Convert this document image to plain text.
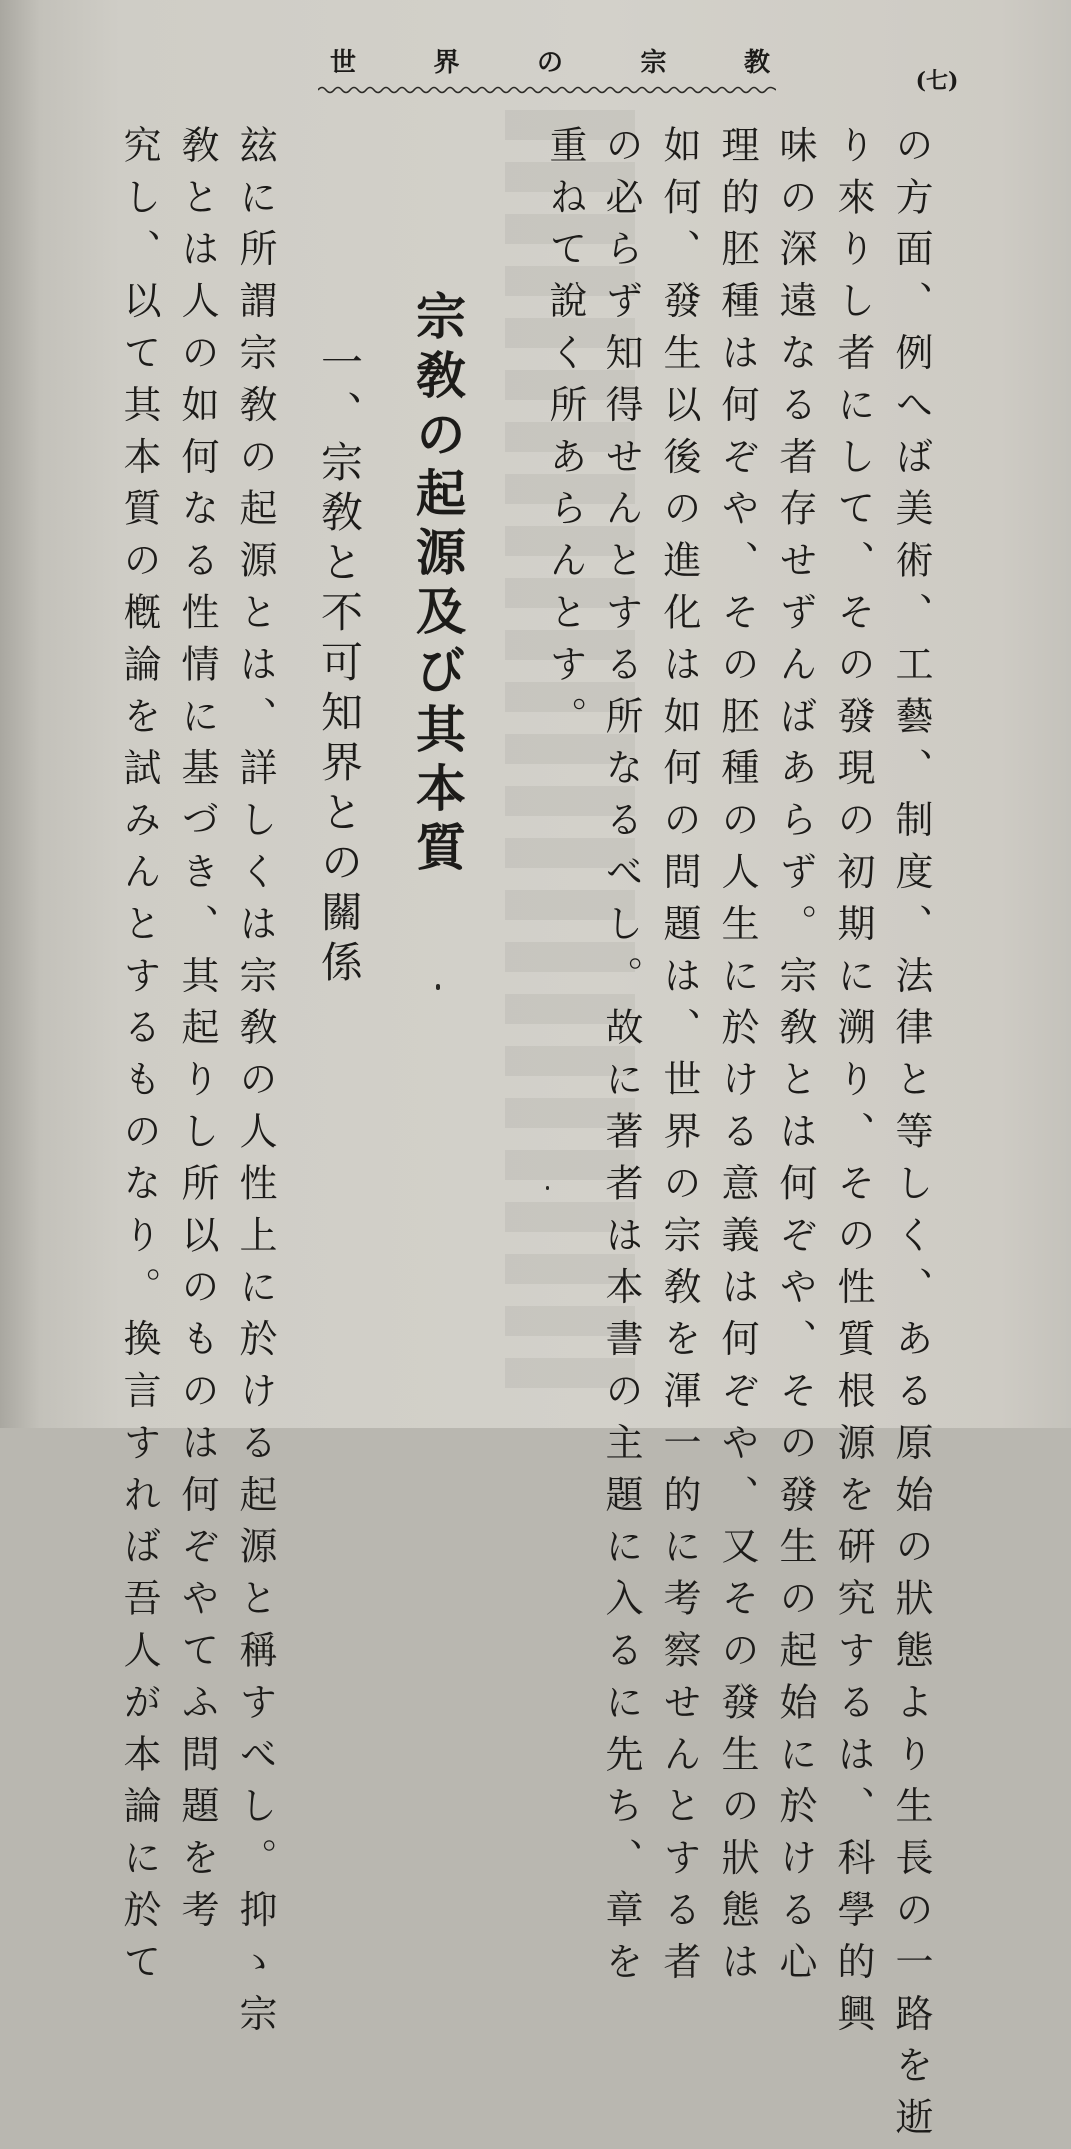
世	界	の	宗	教
(七)
の方面、例へば美術、工藝、制度、法律と等しく、ある原始の狀態より生長の一路を逝
り來りし者にして、その發現の初期に溯り、その性質根源を硏究するは、科學的興
味の深遠なる者存せずんばあらず。宗敎とは何ぞや、その發生の起始に於ける心
理的胚種は何ぞや、その胚種の人生に於ける意義は何ぞや、又その發生の狀態は
如何、發生以後の進化は如何の問題は、世界の宗敎を渾一的に考察せんとする者
の必らず知得せんとする所なるべし。故に著者は本書の主題に入るに先ち、章を
重ねて說く所あらんとす。
宗敎の起源及び其本質
一、宗敎と不可知界との關係
玆に所謂宗敎の起源とは、詳しくは宗敎の人性上に於ける起源と稱すべし。抑ゝ宗
敎とは人の如何なる性情に基づき、其起りし所以のものは何ぞやてふ問題を考
究し、以て其本質の槪論を試みんとするものなり。換言すれば吾人が本論に於て
